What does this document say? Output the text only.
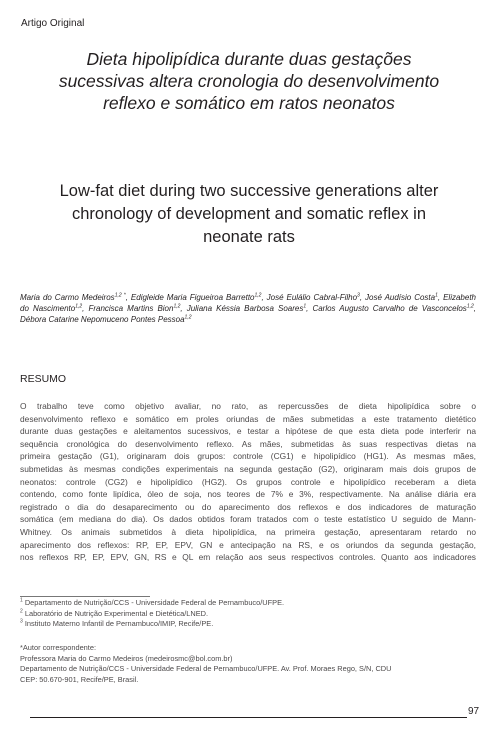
Artigo Original
Dieta hipolipídica durante duas gestações
sucessivas altera cronologia do desenvolvimento
reflexo e somático em ratos neonatos
Low-fat diet during two successive generations alter
chronology of development and somatic reflex in
neonate rats
Maria do Carmo Medeiros$^{1,2 *}$, Edigleide Maria Figueiroa Barretto$^{1,2}$, José Eulálio Cabral-Filho$^3$, José Audísio Costa$^1$, Elizabeth do Nascimento$^{1,2}$, Francisca Martins Bion$^{1,2}$, Juliana Késsia Barbosa Soares$^1$, Carlos Augusto Carvalho de Vasconcelos$^{1,2}$, Débora Catarine Nepomuceno Pontes Pessoa$^{1,2}$
RESUMO
O trabalho teve como objetivo avaliar, no rato, as repercussões de dieta hipolipídica sobre o
desenvolvimento reflexo e somático em proles oriundas de mães submetidas a este tratamento dietético
durante duas gestações e aleitamentos sucessivos, e testar a hipótese de que esta dieta pode interferir na
sequência cronológica do desenvolvimento reflexo. As mães, submetidas às suas respectivas dietas na
primeira gestação (G1), originaram dois grupos: controle (CG1) e hipolipídico (HG1). As mesmas mães,
submetidas às mesmas condições experimentais na segunda gestação (G2), originaram mais dois grupos de
neonatos: controle (CG2) e hipolipídico (HG2). Os grupos controle e hipolipídico receberam a dieta
contendo, como fonte lipídica, óleo de soja, nos teores de 7% e 3%, respectivamente. Na análise diária era
registrado o dia do desaparecimento ou do aparecimento dos reflexos e dos indicadores de maturação
somática (em mediana do dia). Os dados obtidos foram tratados com o teste estatístico U seguido de Mann-
Whitney. Os animais submetidos à dieta hipolipídica, na primeira gestação, apresentaram retardo no
aparecimento dos reflexos: RP, EP, EPV, GN e antecipação na RS, e os oriundos da segunda gestação,
nos reflexos RP, EP, EPV, GN, RS e QL em relação aos seus respectivos controles. Quanto aos indicadores
$^1$ Departamento de Nutrição/CCS - Universidade Federal de Pernambuco/UFPE.
$^2$ Laboratório de Nutrição Experimental e Dietética/LNED.
$^3$ Instituto Materno Infantil de Pernambuco/IMIP, Recife/PE.
*Autor correspondente:
Professora Maria do Carmo Medeiros (medeirosmc@bol.com.br)
Departamento de Nutrição/CCS - Universidade Federal de Pernambuco/UFPE. Av. Prof. Moraes Rego, S/N, CDU
CEP: 50.670-901, Recife/PE, Brasil.
97
